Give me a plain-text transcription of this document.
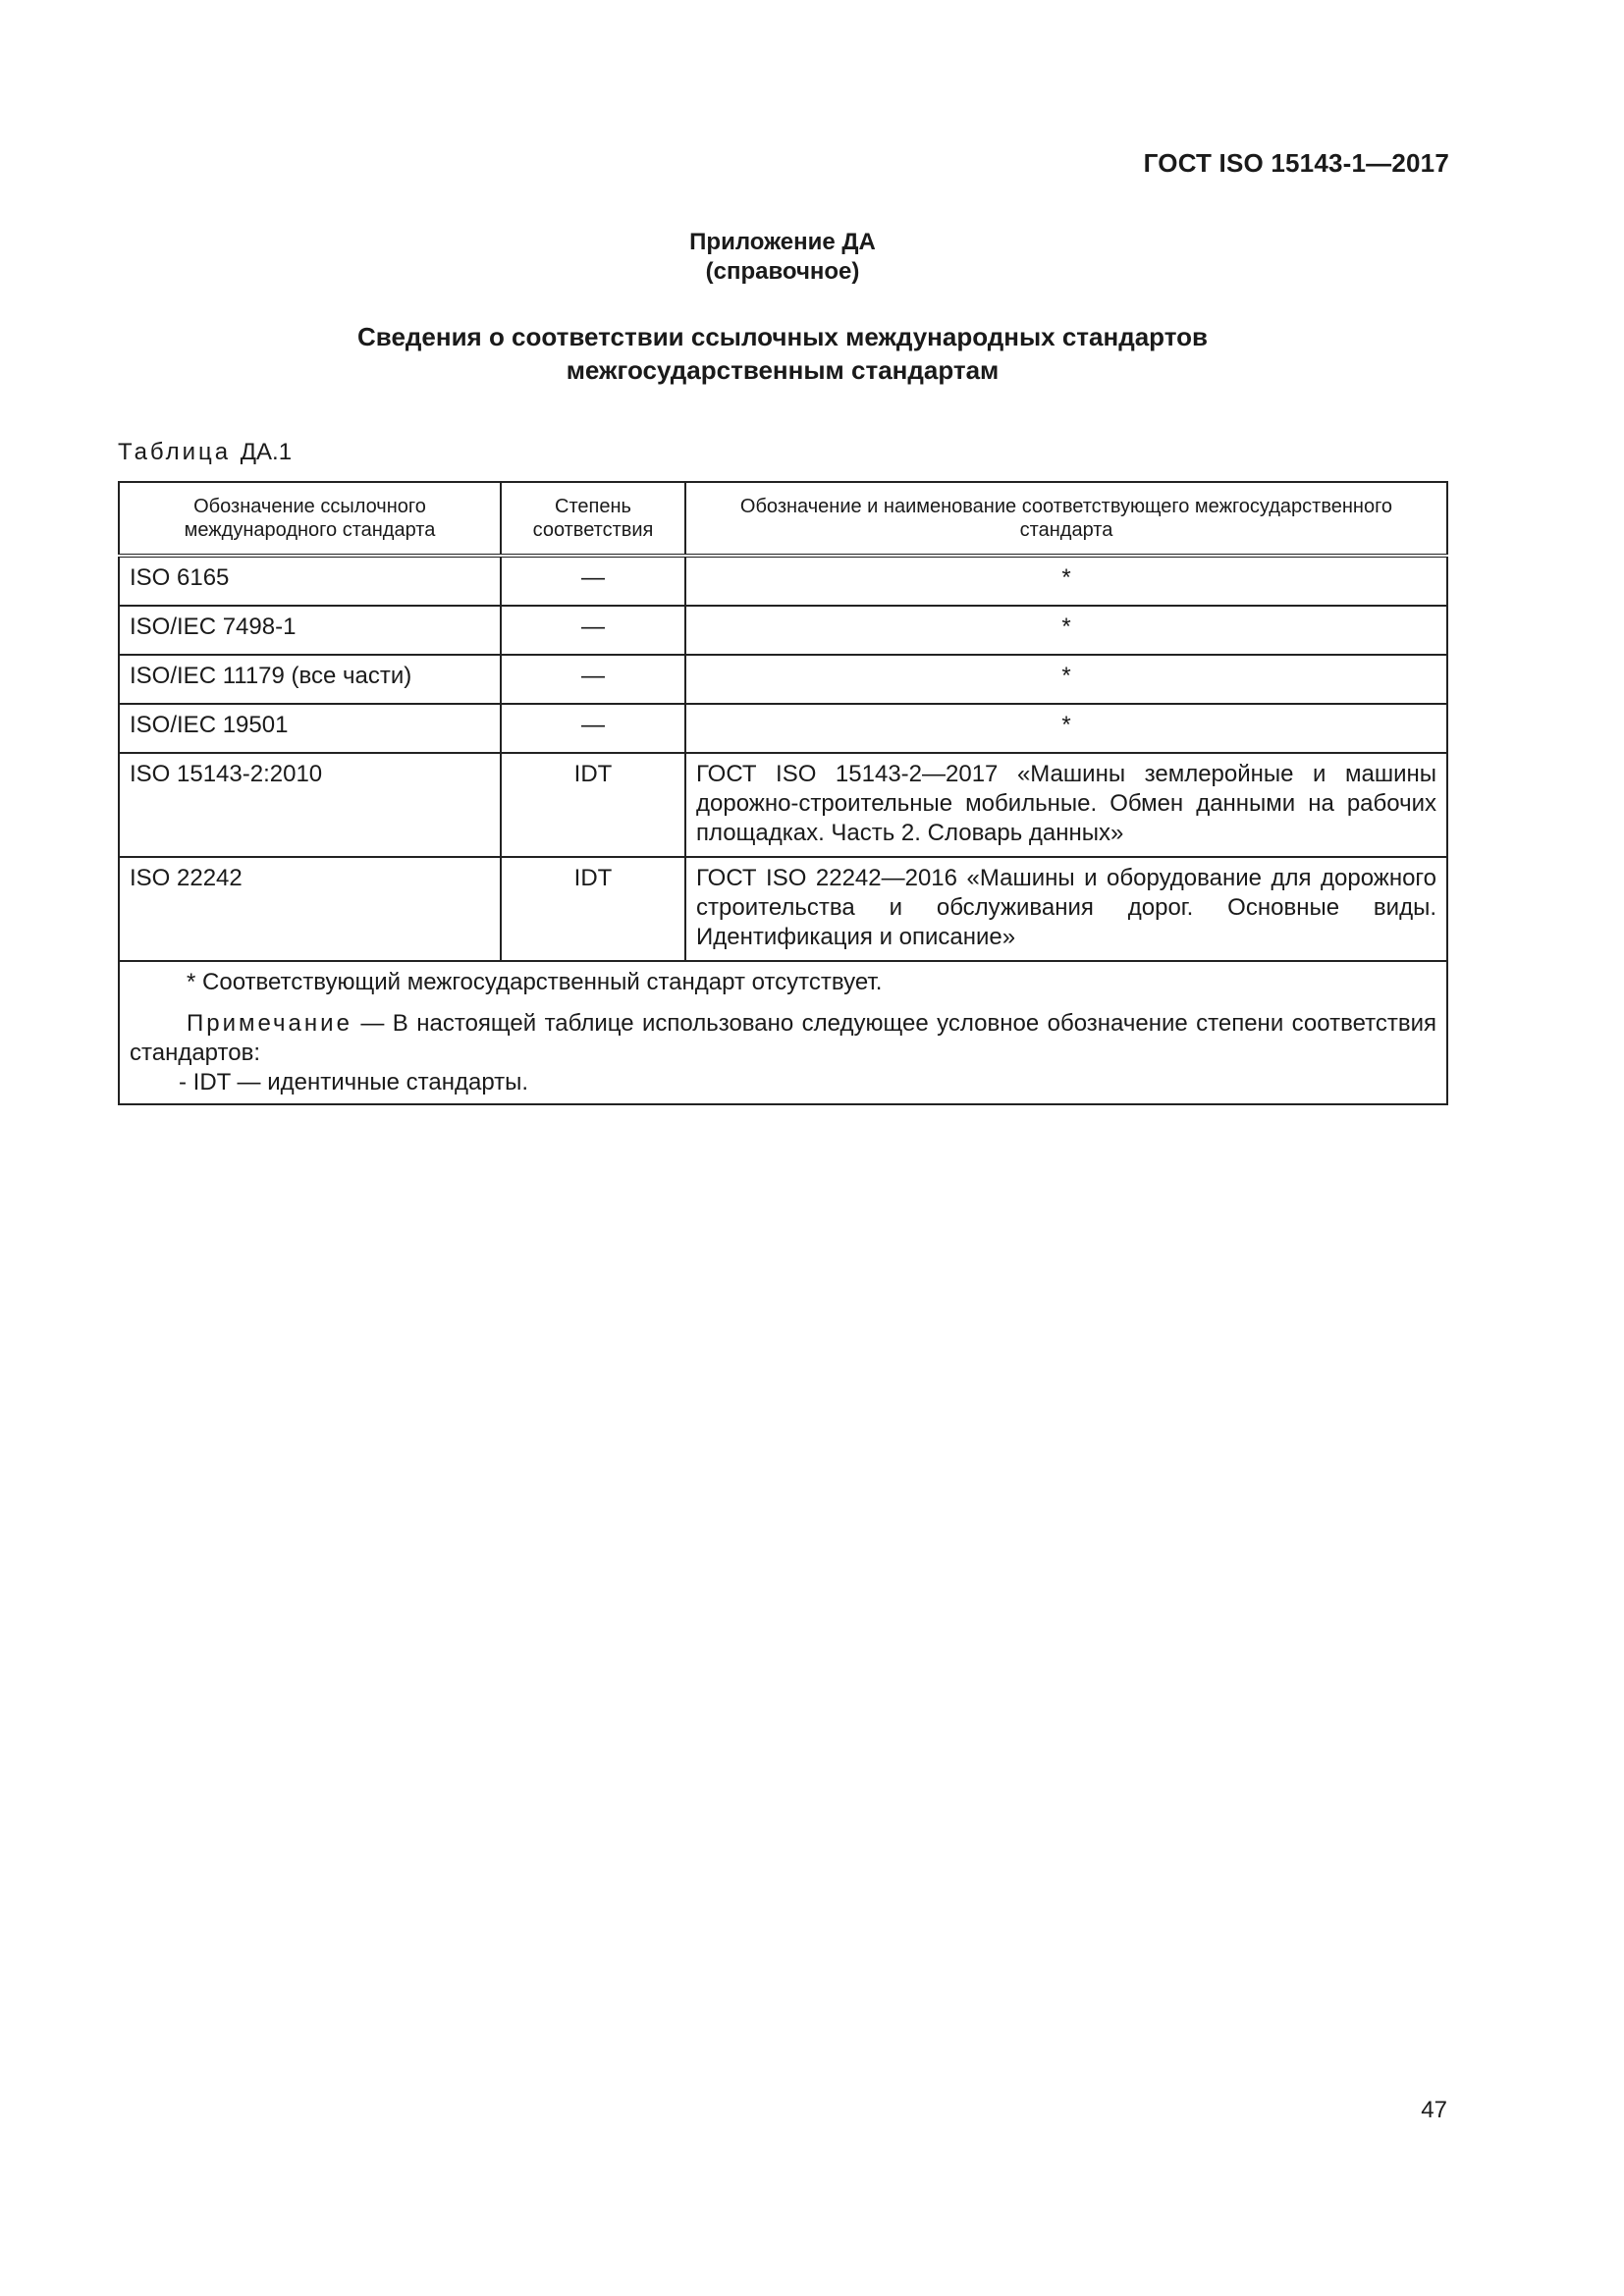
ГОСТ ISO 15143-1—2017
Приложение ДА
(справочное)
Сведения о соответствии ссылочных международных стандартов
межгосударственным стандартам
Таблица ДА.1
Обозначение ссылочного международного стандарта	Степень соответствия	Обозначение и наименование соответствующего межгосударственного стандарта
ISO 6165	—	*
ISO/IEC 7498-1	—	*
ISO/IEC 11179 (все части)	—	*
ISO/IEC 19501	—	*
ISO 15143-2:2010	IDT	ГОСТ ISO 15143-2—2017 «Машины землеройные и машины дорожно-строительные мобильные. Обмен данными на рабочих площадках. Часть 2. Словарь данных»
ISO 22242	IDT	ГОСТ ISO 22242—2016 «Машины и оборудование для дорожного строительства и обслуживания дорог. Основные виды. Идентификация и описание»

* Соответствующий межгосударственный стандарт отсутствует.
Примечание — В настоящей таблице использовано следующее условное обозначение степени соответствия стандартов:
- IDT — идентичные стандарты.		
47
